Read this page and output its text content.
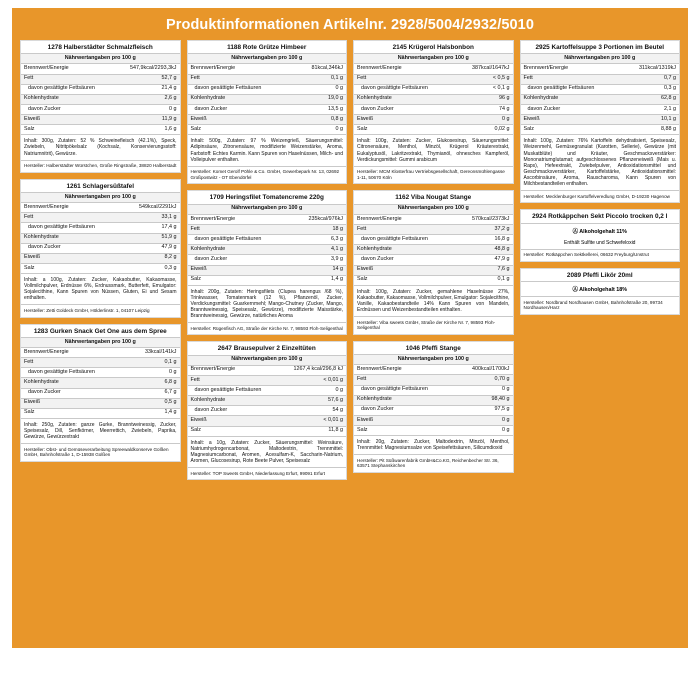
Produktinformationen Artikelnr. 2928/5004/2932/5010
1278 Halberstädter Schmalzfleisch
Nährwertangaben pro 100 g	
Brennwert/Energie	547,9kcal/2293,3kJ
Fett	52,7 g
davon gesättigte Fettsäuren	21,4 g
Kohlenhydrate	2,6 g
davon Zucker	0 g
Eiweiß	11,9 g
Salz	1,6 g
Inhalt: 300g, Zutaten: 52 % Schweinefleisch (42.1%), Speck, Zwiebeln, Nitritpökelsalz (Kochsalz, Konservierungsstoff: Natriumnitrit), Gewürze.
Hersteller: Halberstädter Würstchen, Große Ringstraße, 38820 Halberstadt
1261 Schlagersüßtafel
Nährwertangaben pro 100 g	
Brennwert/Energie	549kcal/2291kJ
Fett	33,1 g
davon gesättigte Fettsäuren	17,4 g
Kohlenhydrate	51,9 g
davon Zucker	47,9 g
Eiweiß	8,2 g
Salz	0,3 g
Inhalt: a 100g, Zutaten: Zucker, Kakaobutter, Kakaomasse, Vollmilchpulver, Erdnüsse 6%, Erdnussmark, Butterfett, Emulgator: Sojalecithine, Kann Spuren von Nüssen, Gluten, Ei und Sesam enthalten.
Hersteller: Zetti Goldeck GmbH, Hölderlinstr. 1, 04107 Leipzig
1283 Gurken Snack Get One aus dem Spree
Nährwertangaben pro 100 g	
Brennwert/Energie	33kcal/141kJ
Fett	0,1 g
davon gesättigte Fettsäuren	0 g
Kohlenhydrate	6,8 g
davon Zucker	6,7 g
Eiweiß	0,5 g
Salz	1,4 g
Inhalt: 250g, Zutaten: ganze Gurke, Branntweinessig, Zucker, Speisesalz, Dill, Senfkörner, Meerrettich, Zwiebeln, Paprika, Gewürze, Gewürzextrakt
Hersteller: Obst- und Gemüseverarbeitung Spreewaldkonserve Golßen GmbH, Bahnhofstraße 1, D-15938 Golßen
1188 Rote Grütze Himbeer
Nährwertangaben pro 100 g	
Brennwert/Energie	81kcal,346kJ
Fett	0,1 g
davon gesättigte Fettsäuren	0 g
Kohlenhydrate	19,0 g
davon Zucker	13,5 g
Eiweiß	0,8 g
Salz	0 g
Inhalt: 500g, Zutaten: 97 % Weizengrieß, Säuerungsmittel: Adipinsäure, Zitronensäure, modifizierte Weizenstärke, Aroma, Farbstoff: Echtes Karmin. Kann Spuren von Haselnüssen, Milch- und Volleipulver enthalten.
Hersteller: Komet Gerolf Pöhle & Co. GmbH, Gewerbepark Nr. 13, 02692 Großpostwitz - OT Ebendörfel
1709 Heringsfilet Tomatencreme 220g
Nährwertangaben pro 100 g	
Brennwert/Energie	235kcal/976kJ
Fett	18 g
davon gesättigte Fettsäuren	6,3 g
Kohlenhydrate	4,1 g
davon Zucker	3,9 g
Eiweiß	14 g
Salz	1,4 g
Inhalt: 200g, Zutaten: Heringsfilets (Clupea harengus /68 %), Trinkwasser, Tomatenmark (12 %), Pflanzenöl, Zucker, Verdickungsmittel: Guarkernmehl; Mango-Chutney (Zucker, Mango, Branntweinessig, Speisesalz, Gewürze), modifizierte Maisstärke, Branntweinessig, Gewürze, natürliches Aroma
Hersteller: Rügenfisch AG, Straße der Kirche Nr. 7, 98593 Floh-Seligenthal
2647 Brausepulver 2 Einzeltüten
Nährwertangaben pro 100 g	
Brennwert/Energie	1267,4 kcal/296,8 kJ
Fett	< 0,01 g
davon gesättigte Fettsäuren	0 g
Kohlenhydrate	57,6 g
davon Zucker	54 g
Eiweiß	< 0,01 g
Salz	11,8 g
Inhalt: a 10g, Zutaten: Zucker, Säuerungsmittel: Weinsäure, Natriumhydrogencarbonat, Maltodextrin, Trennmittel: Magnesiumcarbonat, Aromen, Acesulfam-K, Saccharin-Natrium, Aromen, Glucosesirup, Rote Beete Pulver, Speisesalz
Hersteller: TOP Sweets GmbH, Niederlassung Erfurt, 99091 Erfurt
2145 Krügerol Halsbonbon
Nährwertangaben pro 100 g	
Brennwert/Energie	387kcal/1647kJ
Fett	< 0,5 g
davon gesättigte Fettsäuren	< 0,1 g
Kohlenhydrate	96 g
davon Zucker	74 g
Eiweiß	0 g
Salz	0,02 g
Inhalt: 100g, Zutaten: Zucker, Glukosesirup, Säuerungsmittel: Citronensäure, Menthol, Minzöl, Krügerol Kräuterextrakt, Eukalyptusöl, Lakritzextrakt, Thymianöl, ohnesches Kampferöl, Verdickungsmittel: Gummi arabicum
Hersteller: MCM Klosterfrau Vertriebsgesellschaft, Gereonsmühlengasse 1-11, 50670 Köln
1162 Viba Nougat Stange
Nährwertangaben pro 100 g	
Brennwert/Energie	570kcal/2373kJ
Fett	37,2 g
davon gesättigte Fettsäuren	16,8 g
Kohlenhydrate	48,8 g
davon Zucker	47,9 g
Eiweiß	7,6 g
Salz	0,1 g
Inhalt: 100g, Zutaten: Zucker, gemahlene Haselnüsse 27%, Kakaobutter, Kakaomasse, Vollmilchpulver, Emulgator: Sojalecithine, Vanille, Kakaobestandteile 14% Kann Spuren von Mandeln, Erdnüssen und Weizenbestandteilen enthalten.
Hersteller: Viba sweets GmbH, Straße der Kirche Nr. 7, 98593 Floh-Seligenthal
1046 Pfeffi Stange
Nährwertangaben pro 100 g	
Brennwert/Energie	400kcal/1700kJ
Fett	0,70 g
davon gesättigte Fettsäuren	0 g
Kohlenhydrate	98,40 g
davon Zucker	97,5 g
Eiweiß	0 g
Salz	0 g
Inhalt: 20g, Zutaten: Zucker, Maltodextrin, Minzöl, Menthol, Trennmittel: Magnesiumsalze von Speisefettsäuren, Silicumdioxid
Hersteller: Pit Süßwarenfabrik GmbH&Co.KG, Reichenbecher Str. 36, 63571 Stephanskirchen
2925 Kartoffelsuppe 3 Portionen im Beutel
Nährwertangaben pro 100 g	
Brennwert/Energie	311kcal/1319kJ
Fett	0,7 g
davon gesättigte Fettsäuren	0,3 g
Kohlenhydrate	62,8 g
davon Zucker	2,1 g
Eiweiß	10,1 g
Salz	8,88 g
Inhalt: 100g, Zutaten: 76% Kartoffeln dehydratisiert, Speisesalz, Weizenmehl, Gemüsegranulat (Karotten, Sellerie), Gewürze (mit Muskatblüte) und Kräuter, Geschmacksverstärker: Mononatriumglutamat; aufgeschlossenes Pflanzeneiweiß (Mais u. Raps), Hefeextrakt, Zwiebelpulver, Antioxidationsmittel und Geschmacksverstärker, Kartoffelstärke, Antioxidationsmittel: Ascorbinsäure, Aroma, Rauscharoma, Kann Spuren von Milchbestandteilen enthalten.
Hersteller: Mecklenburger Kartoffelveredlung GmbH, D-19230 Hagenow
2924 Rotkäppchen Sekt Piccolo trocken 0,2 l
Ⓐ Alkoholgehalt 11%
Enthält Sulfite und Schwefeloxid
Hersteller: Rotkäppchen Sektkellerei, 06632 Freyburg/Unstrut
2089 Pfeffi Likör 20ml
Ⓐ Alkoholgehalt 18%
Hersteller: Nordbrand Nordhausen GmbH, Bahnhofstraße 20, 99734 Nordhausen/Harz
